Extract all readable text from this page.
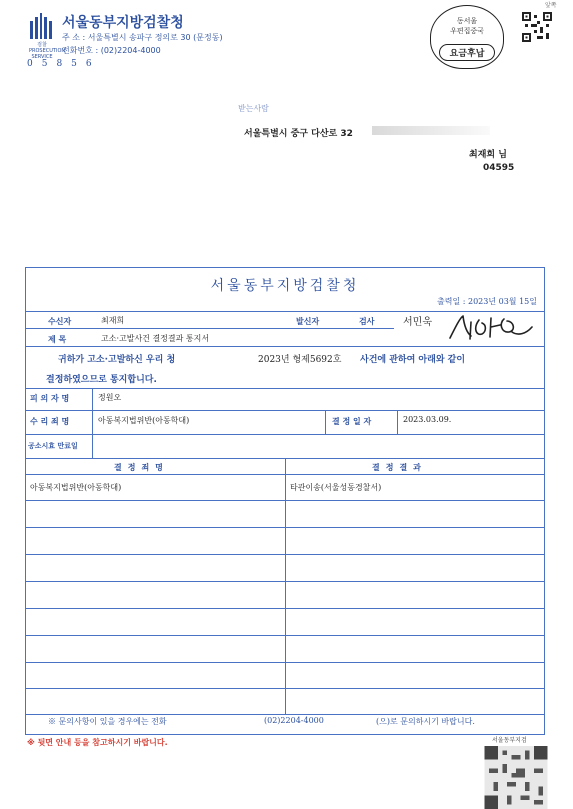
검찰 PROSECUTION SERVICE
서울동부지방검찰청
주 소 : 서울특별시 송파구 정의로 30 (문정동)
전화번호 : (02)2204-4000
05856
동서울
우편집중국
요금후납
앞쪽
받는사람
서울특별시 중구 다산로 32
최재희 님
04595
서울동부지방검찰청
출력일 : 2023년 03월 15일
수신자	최재희	발신자	검사	서민욱
제 목	고소·고발사건 결정결과 통지서
귀하가 고소·고발하신 우리 청	2023년 형제5692호 사건에 관하여 아래와 같이
결정하였으므로 통지합니다.
피 의 자 명	정원오
수 리 죄 명	아동복지법위반(아동학대)	결 정 일 자	2023.03.09.
공소시효 만료일
결정죄명	결정결과
아동복지법위반(아동학대)	타관이송(서울성동경찰서)
※ 문의사항이 있을 경우에는 전화	(02)2204-4000	(으)로 문의하시기 바랍니다.
※ 뒷면 안내 등을 참고하시기 바랍니다.	서울동부지검
